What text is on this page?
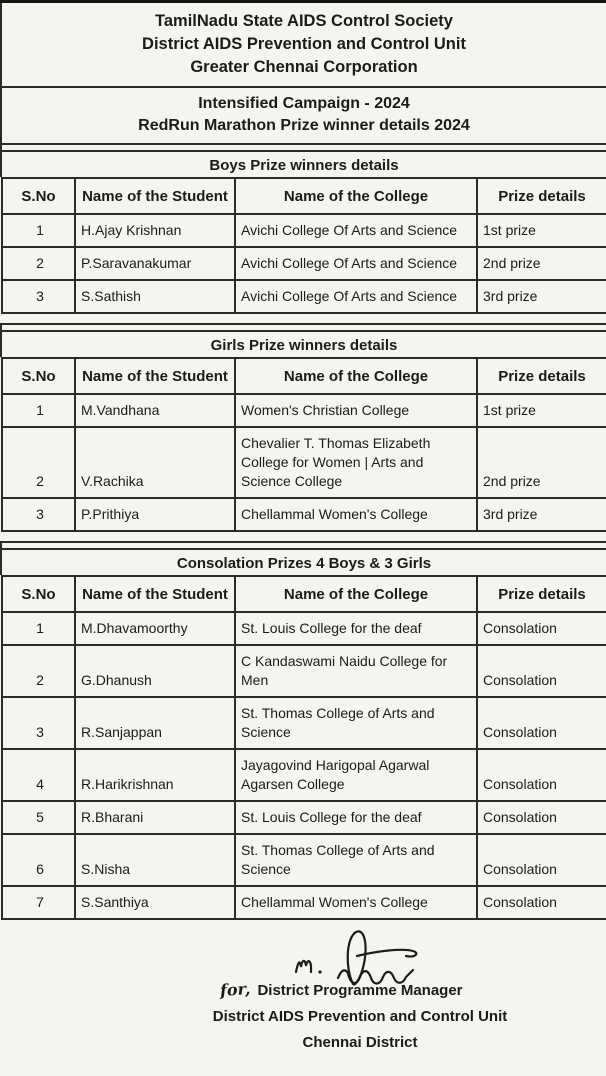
TamilNadu State AIDS Control Society
District AIDS Prevention and Control Unit
Greater Chennai Corporation
Intensified Campaign - 2024
RedRun Marathon Prize winner details 2024
Boys Prize winners details
S.No	Name of the Student	Name of the College	Prize details
1	H.Ajay Krishnan	Avichi College Of Arts and Science	1st prize
2	P.Saravanakumar	Avichi College Of Arts and Science	2nd prize
3	S.Sathish	Avichi College Of Arts and Science	3rd prize
Girls Prize winners details
S.No	Name of the Student	Name of the College	Prize details
1	M.Vandhana	Women's Christian College	1st prize
2	V.Rachika	Chevalier T. Thomas Elizabeth College for Women | Arts and Science College	2nd prize
3	P.Prithiya	Chellammal Women's College	3rd prize
Consolation Prizes 4 Boys & 3 Girls
S.No	Name of the Student	Name of the College	Prize details
1	M.Dhavamoorthy	St. Louis College for the deaf	Consolation
2	G.Dhanush	C Kandaswami Naidu College for Men	Consolation
3	R.Sanjappan	St. Thomas College of Arts and Science	Consolation
4	R.Harikrishnan	Jayagovind Harigopal Agarwal Agarsen College	Consolation
5	R.Bharani	St. Louis College for the deaf	Consolation
6	S.Nisha	St. Thomas College of Arts and Science	Consolation
7	S.Santhiya	Chellammal Women's College	Consolation
for, District Programme Manager
District AIDS Prevention and Control Unit
Chennai District
